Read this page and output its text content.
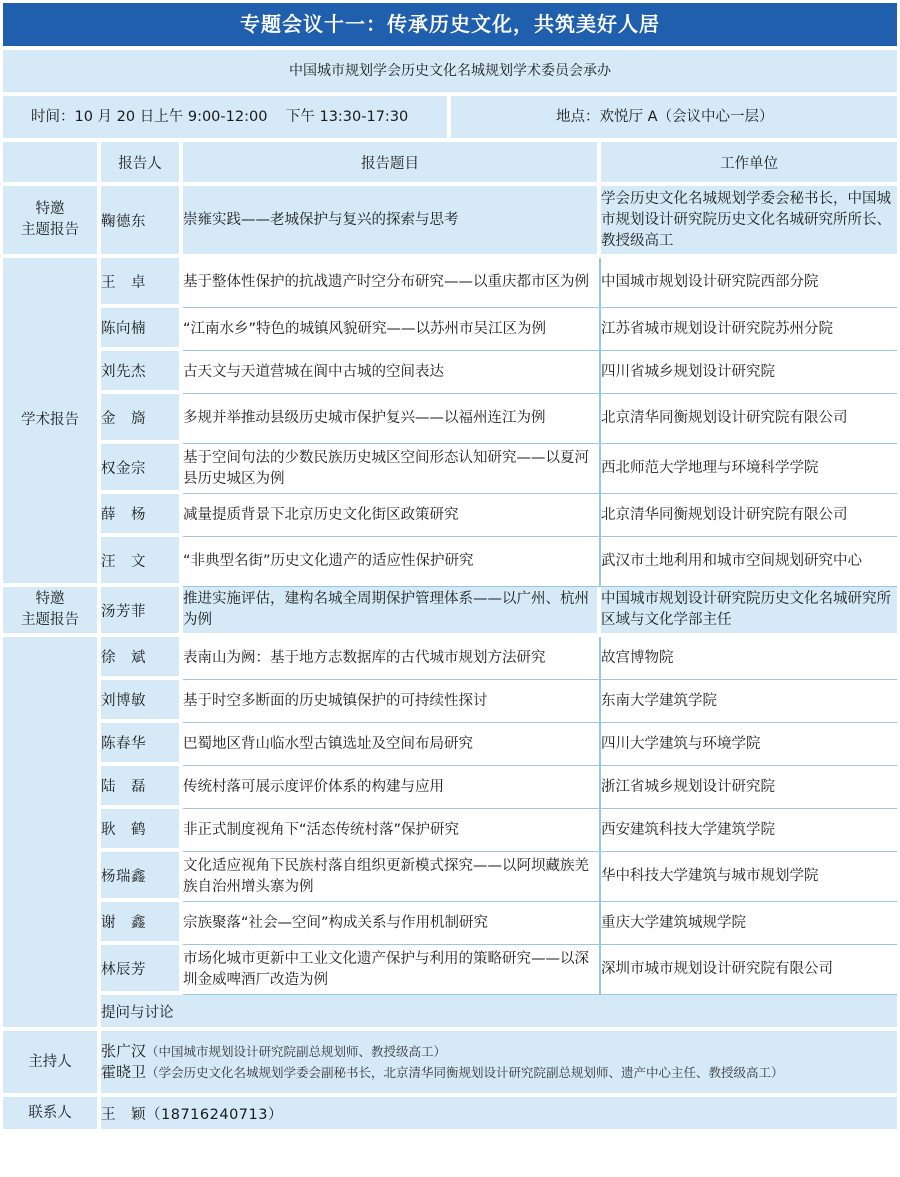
专题会议十一：传承历史文化，共筑美好人居
中国城市规划学会历史文化名城规划学术委员会承办
时间：10 月 20 日上午 9:00-12:00    下午 13:30-17:30	地点：欢悦厅 A（会议中心一层）
	报告人	报告题目	工作单位
特邀
主题报告	鞠德东	崇雍实践——老城保护与复兴的探索与思考	学会历史文化名城规划学委会秘书长，中国城市规划设计研究院历史文化名城研究所所长、教授级高工
学术报告	王　卓	基于整体性保护的抗战遗产时空分布研究——以重庆都市区为例	中国城市规划设计研究院西部分院
	陈向楠	“江南水乡”特色的城镇风貌研究——以苏州市吴江区为例	江苏省城市规划设计研究院苏州分院
	刘先杰	古天文与天道营城在阆中古城的空间表达	四川省城乡规划设计研究院
	金　旖	多规并举推动县级历史城市保护复兴——以福州连江为例	北京清华同衡规划设计研究院有限公司
	权金宗	基于空间句法的少数民族历史城区空间形态认知研究——以夏河县历史城区为例	西北师范大学地理与环境科学学院
	薛　杨	减量提质背景下北京历史文化街区政策研究	北京清华同衡规划设计研究院有限公司
	汪　文	“非典型名街”历史文化遗产的适应性保护研究	武汉市土地利用和城市空间规划研究中心
特邀
主题报告	汤芳菲	推进实施评估，建构名城全周期保护管理体系——以广州、杭州为例	中国城市规划设计研究院历史文化名城研究所区域与文化学部主任
	徐　斌	表南山为阙：基于地方志数据库的古代城市规划方法研究	故宫博物院
	刘博敏	基于时空多断面的历史城镇保护的可持续性探讨	东南大学建筑学院
	陈春华	巴蜀地区背山临水型古镇选址及空间布局研究	四川大学建筑与环境学院
	陆　磊	传统村落可展示度评价体系的构建与应用	浙江省城乡规划设计研究院
	耿　鹤	非正式制度视角下“活态传统村落”保护研究	西安建筑科技大学建筑学院
	杨瑞鑫	文化适应视角下民族村落自组织更新模式探究——以阿坝藏族羌族自治州增头寨为例	华中科技大学建筑与城市规划学院
	谢　鑫	宗族聚落“社会—空间”构成关系与作用机制研究	重庆大学建筑城规学院
	林辰芳	市场化城市更新中工业文化遗产保护与利用的策略研究——以深圳金威啤酒厂改造为例	深圳市城市规划设计研究院有限公司
	提问与讨论		
主持人	张广汉（中国城市规划设计研究院副总规划师、教授级高工）
霍晓卫（学会历史文化名城规划学委会副秘书长，北京清华同衡规划设计研究院副总规划师、遗产中心主任、教授级高工）		

联系人	王　颖（18716240713）		
